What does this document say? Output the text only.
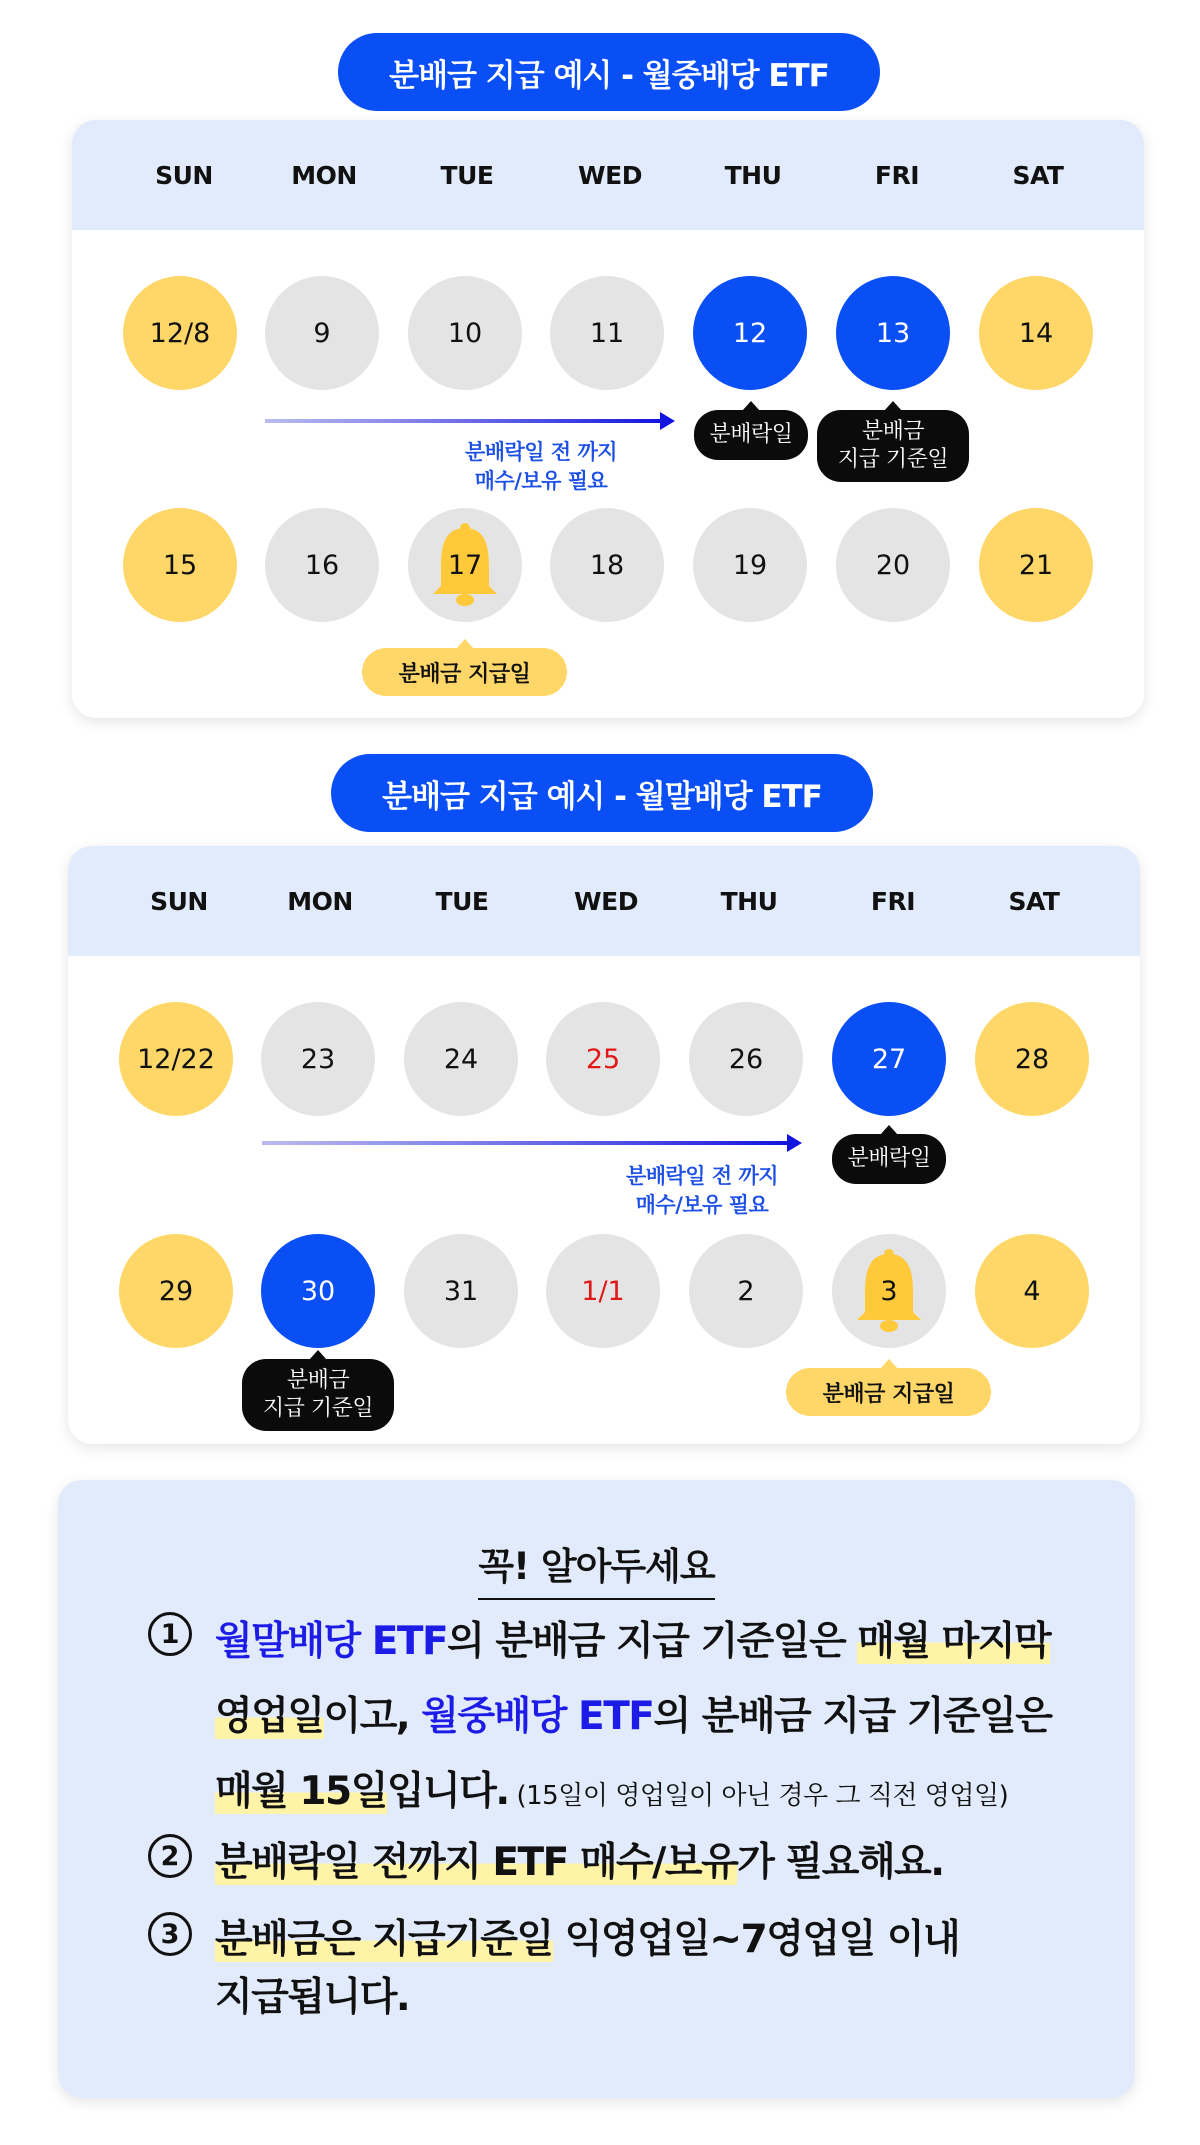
분배금 지급 예시 - 월중배당 ETF
SUN	MON	TUE	WED	THU	FRI	SAT
12/8	9	10	11	12	13	14
분배락일 전 까지
매수/보유 필요
분배락일	분배금
지급 기준일
15	16	17	18	19	20	21
분배금 지급일
분배금 지급 예시 - 월말배당 ETF
SUN	MON	TUE	WED	THU	FRI	SAT
12/22	23	24	25	26	27	28
분배락일 전 까지
매수/보유 필요
분배락일
29	30	31	1/1	2	3	4
분배금
지급 기준일
분배금 지급일
꼭! 알아두세요
1 월말배당 ETF의 분배금 지급 기준일은 매월 마지막
영업일이고, 월중배당 ETF의 분배금 지급 기준일은
매월 15일입니다. (15일이 영업일이 아닌 경우 그 직전 영업일)
2 분배락일 전까지 ETF 매수/보유가 필요해요.
3 분배금은 지급기준일 익영업일~7영업일 이내
지급됩니다.
